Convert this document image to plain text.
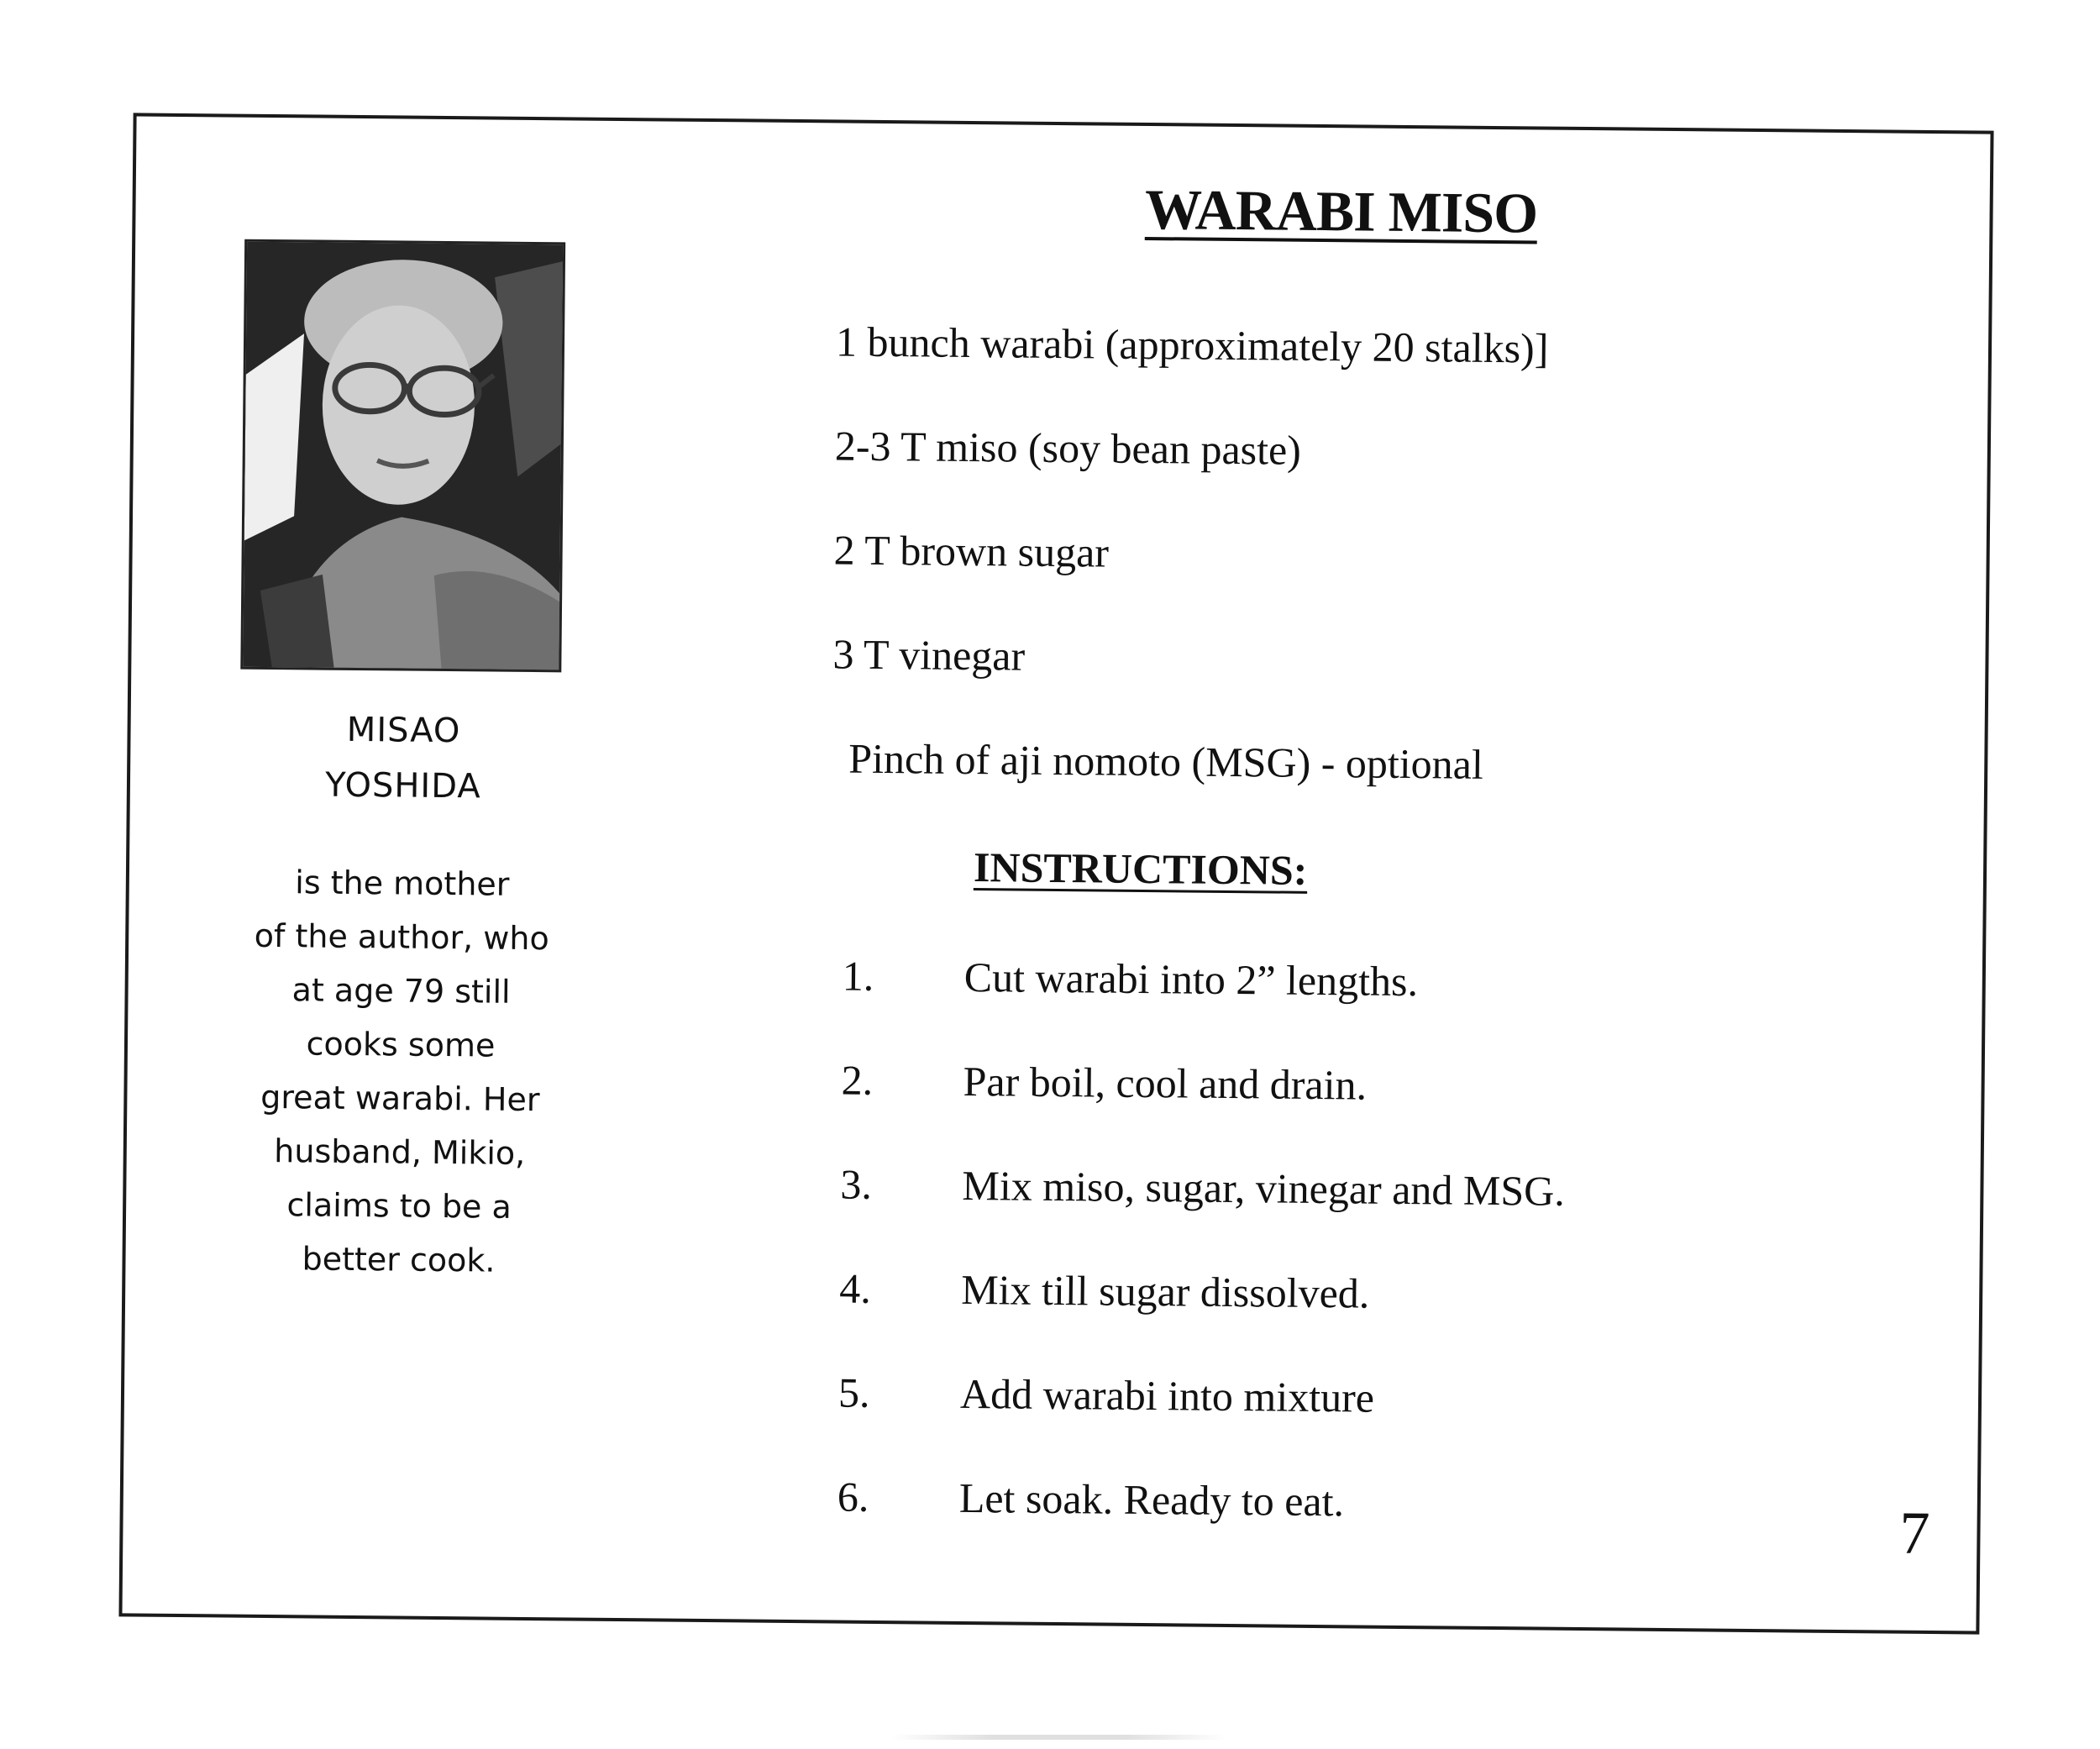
MISAO
YOSHIDA
is the mother
of the author, who
at age 79 still
cooks some
great warabi. Her
husband, Mikio,
claims to be a
better cook.
WARABI MISO
1 bunch warabi (approximately 20 stalks)]
2-3 T miso (soy bean paste)
2 T brown sugar
3 T vinegar
Pinch of aji nomoto (MSG) - optional
INSTRUCTIONS:
1.	Cut warabi into 2” lengths.
2.	Par boil, cool and drain.
3.	Mix miso, sugar, vinegar and MSG.
4.	Mix till sugar dissolved.
5.	Add warabi into mixture
6.	Let soak. Ready to eat.	7
